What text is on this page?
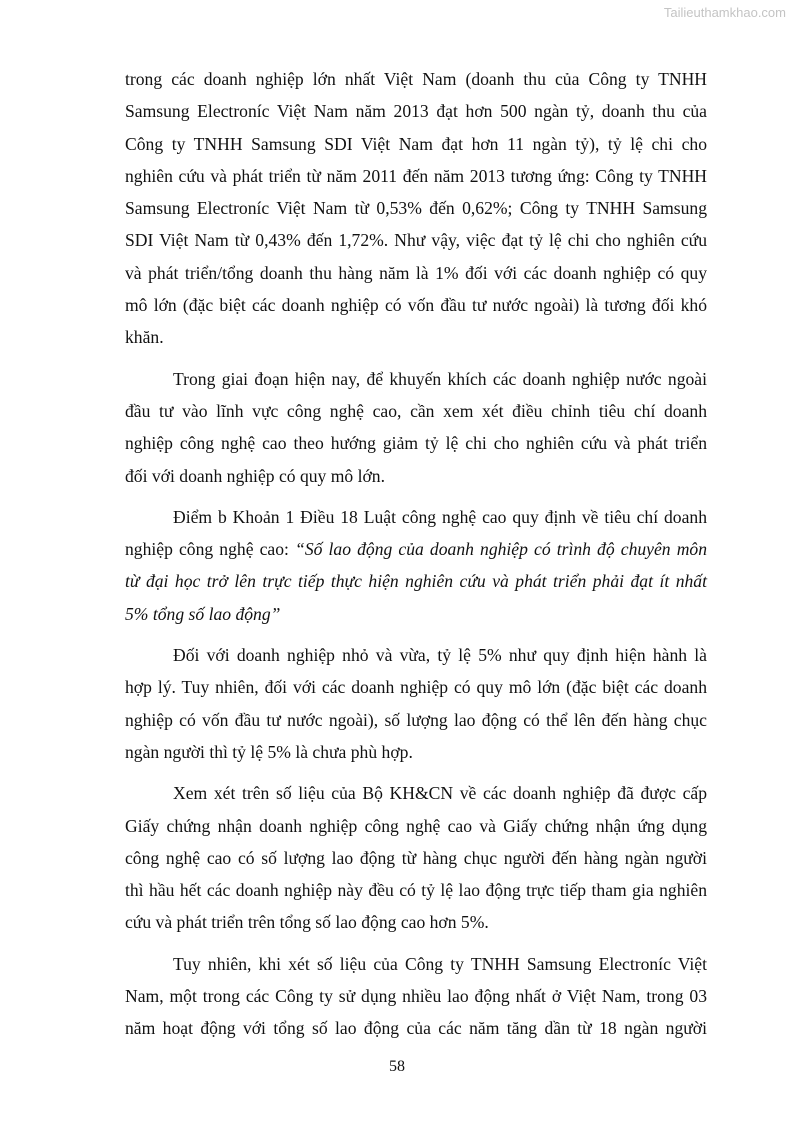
Tailieuthamkhao.com
trong các doanh nghiệp lớn nhất Việt Nam (doanh thu của Công ty TNHH
Samsung Electroníc Việt Nam năm 2013 đạt hơn 500 ngàn tỷ, doanh thu của
Công ty TNHH Samsung SDI Việt Nam đạt hơn 11 ngàn tỷ), tỷ lệ chi cho
nghiên cứu và phát triển từ năm 2011 đến năm 2013 tương ứng: Công ty TNHH
Samsung Electroníc Việt Nam từ 0,53% đến 0,62%; Công ty TNHH Samsung
SDI Việt Nam từ 0,43% đến 1,72%. Như vậy, việc đạt tỷ lệ chi cho nghiên cứu
và phát triển/tổng doanh thu hàng năm là 1% đối với các doanh nghiệp có quy
mô lớn (đặc biệt các doanh nghiệp có vốn đầu tư nước ngoài) là tương đối khó
khăn.
Trong giai đoạn hiện nay, để khuyến khích các doanh nghiệp nước ngoài
đầu tư vào lĩnh vực công nghệ cao, cần xem xét điều chỉnh tiêu chí doanh
nghiệp công nghệ cao theo hướng giảm tỷ lệ chi cho nghiên cứu và phát triển
đối với doanh nghiệp có quy mô lớn.
Điểm b Khoản 1 Điều 18 Luật công nghệ cao quy định về tiêu chí doanh
nghiệp công nghệ cao: “Số lao động của doanh nghiệp có trình độ chuyên môn
từ đại học trở lên trực tiếp thực hiện nghiên cứu và phát triển phải đạt ít nhất
5% tổng số lao động”
Đối với doanh nghiệp nhỏ và vừa, tỷ lệ 5% như quy định hiện hành là
hợp lý. Tuy nhiên, đối với các doanh nghiệp có quy mô lớn (đặc biệt các doanh
nghiệp có vốn đầu tư nước ngoài), số lượng lao động có thể lên đến hàng chục
ngàn người thì tỷ lệ 5% là chưa phù hợp.
Xem xét trên số liệu của Bộ KH&CN về các doanh nghiệp đã được cấp
Giấy chứng nhận doanh nghiệp công nghệ cao và Giấy chứng nhận ứng dụng
công nghệ cao có số lượng lao động từ hàng chục người đến hàng ngàn người
thì hầu hết các doanh nghiệp này đều có tỷ lệ lao động trực tiếp tham gia nghiên
cứu và phát triển trên tổng số lao động cao hơn 5%.
Tuy nhiên, khi xét số liệu của Công ty TNHH Samsung Electroníc Việt
Nam, một trong các Công ty sử dụng nhiều lao động nhất ở Việt Nam, trong 03
năm hoạt động với tổng số lao động của các năm tăng dần từ 18 ngàn người
58
